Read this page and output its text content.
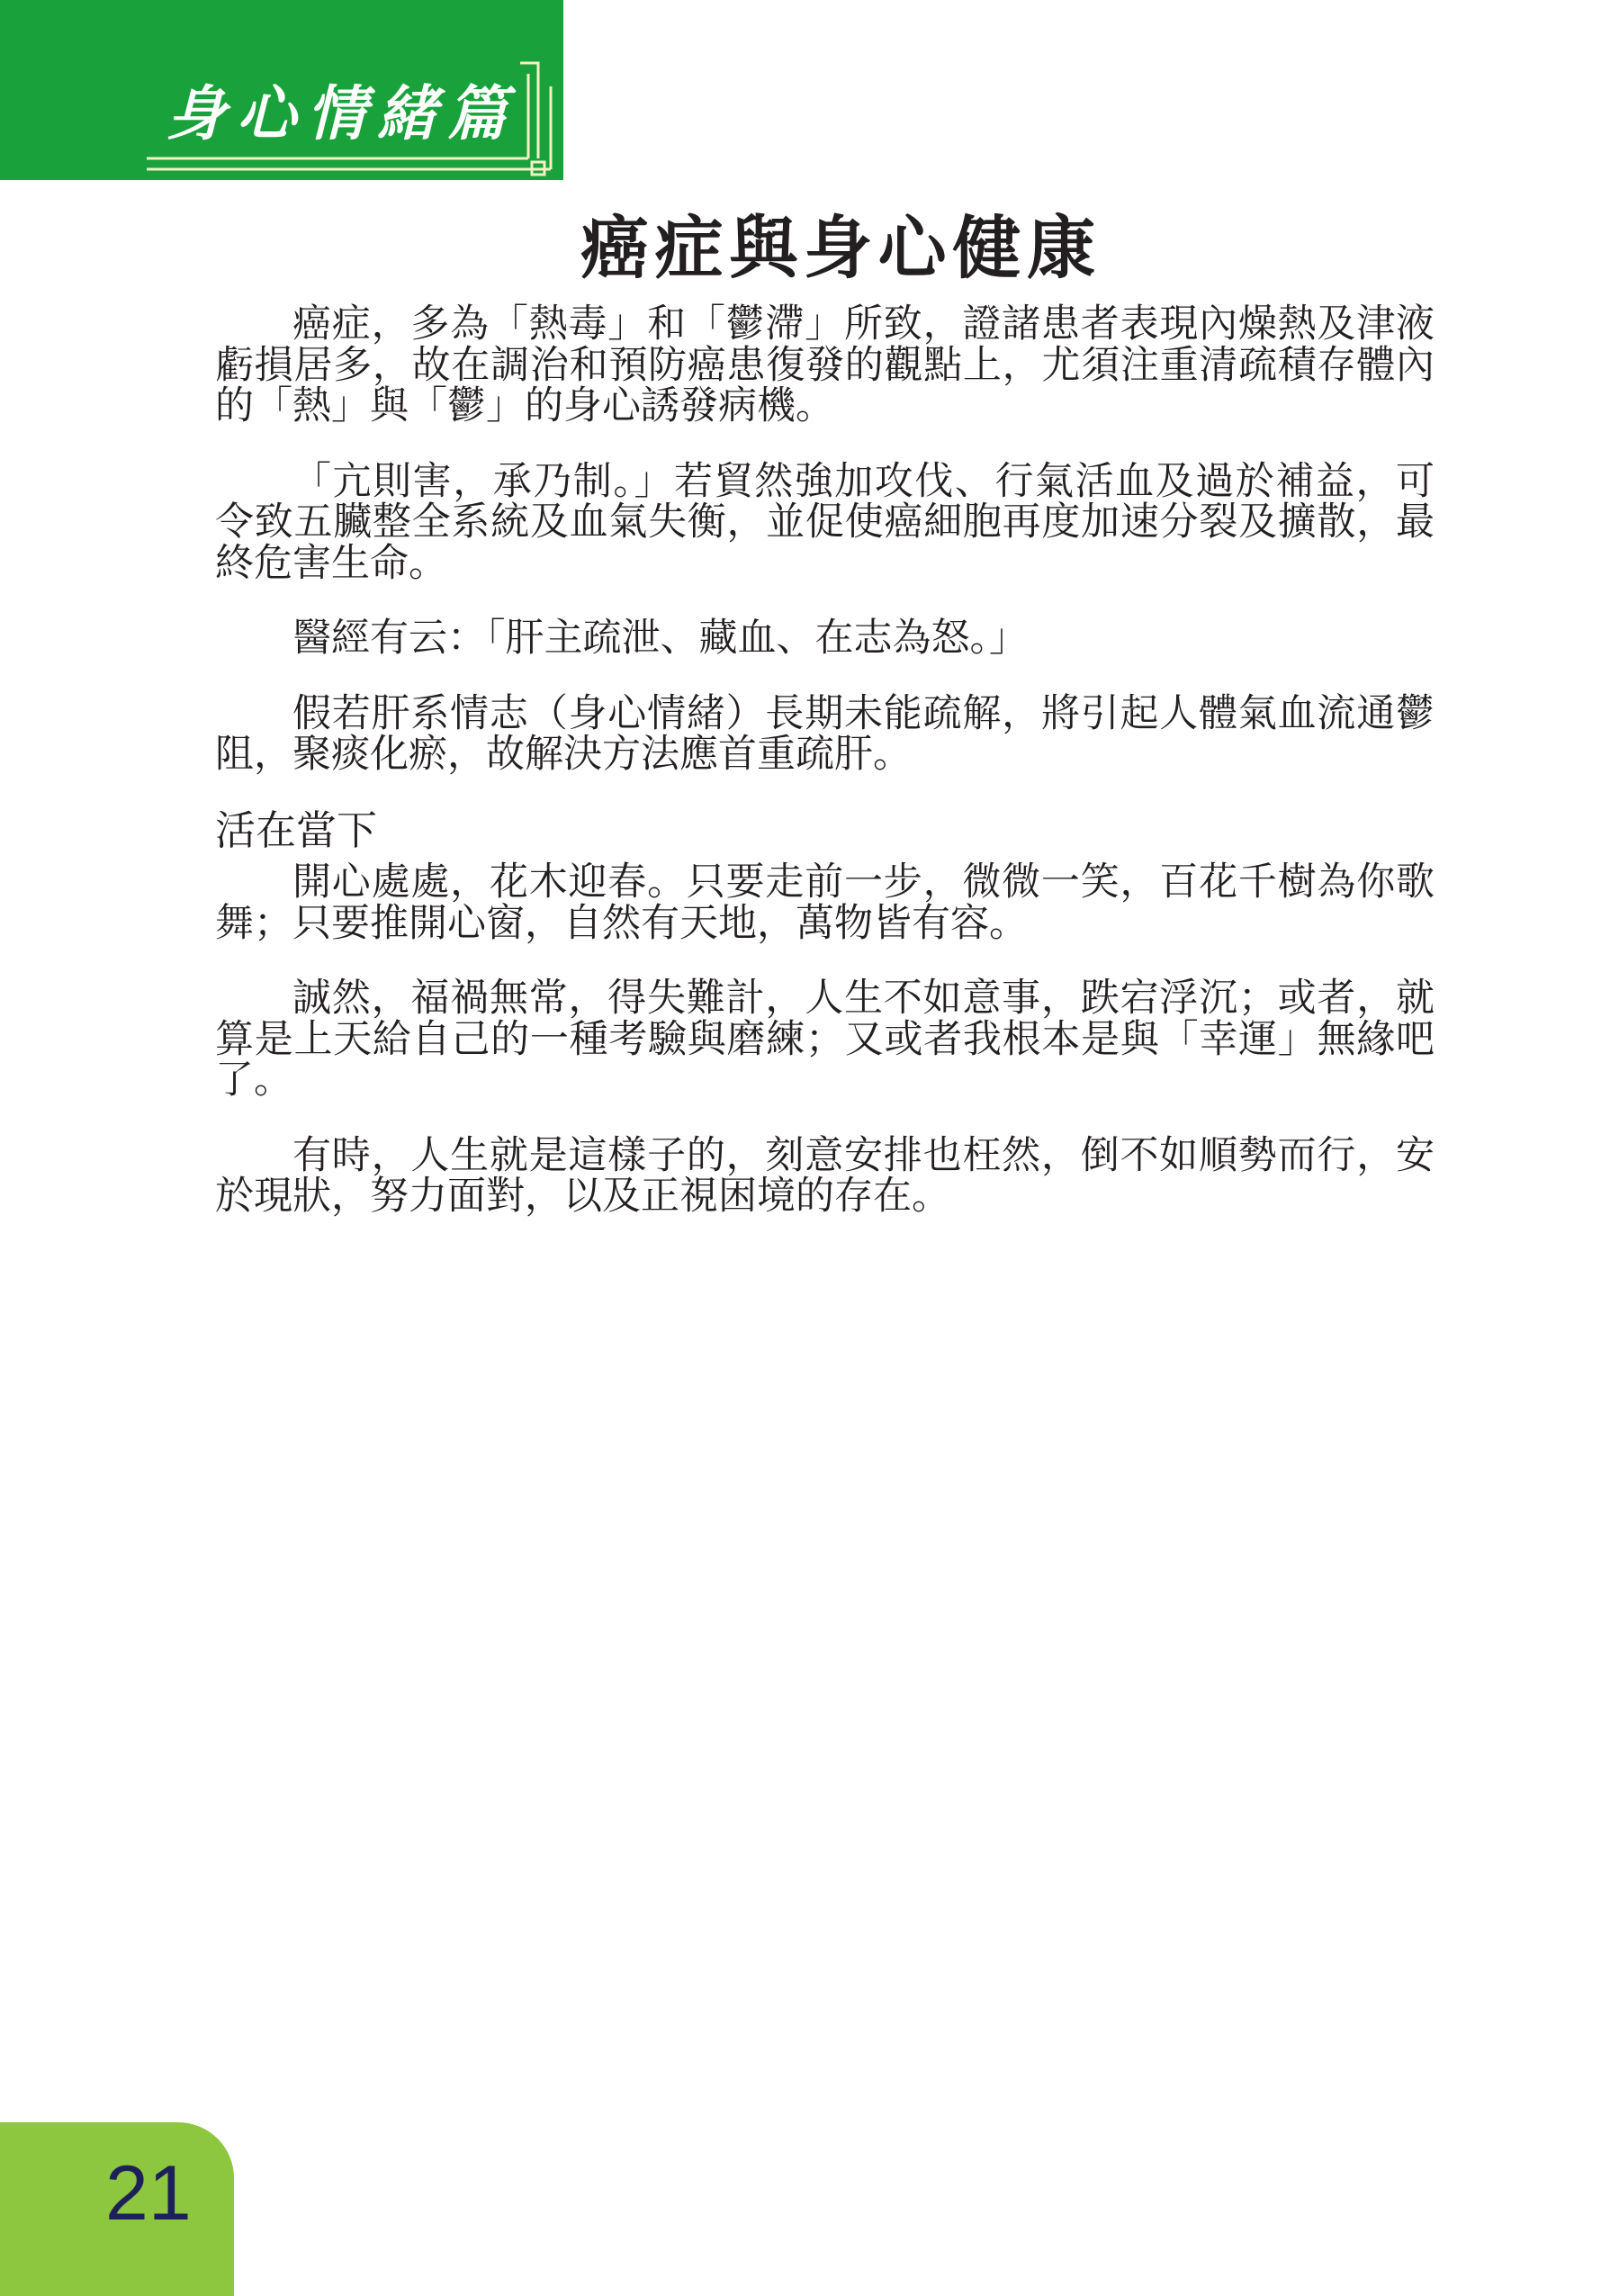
身心情緒篇
癌症與身心健康
癌症，多為「熱毒」和「鬱滯」所致，證諸患者表現內燥熱及津液
虧損居多，故在調治和預防癌患復發的觀點上，尤須注重清疏積存體內
的「熱」與「鬱」的身心誘發病機。
「亢則害，承乃制。」若貿然強加攻伐、行氣活血及過於補益，可
令致五臟整全系統及血氣失衡，並促使癌細胞再度加速分裂及擴散，最
終危害生命。
醫經有云：「肝主疏泄、藏血、在志為怒。」
假若肝系情志（身心情緒）長期未能疏解，將引起人體氣血流通鬱
阻，聚痰化瘀，故解決方法應首重疏肝。
活在當下
開心處處，花木迎春。只要走前一步，微微一笑，百花千樹為你歌
舞；只要推開心窗，自然有天地，萬物皆有容。
誠然，福禍無常，得失難計，人生不如意事，跌宕浮沉；或者，就
算是上天給自己的一種考驗與磨練；又或者我根本是與「幸運」無緣吧
了。
有時，人生就是這樣子的，刻意安排也枉然，倒不如順勢而行，安
於現狀，努力面對，以及正視困境的存在。
21
